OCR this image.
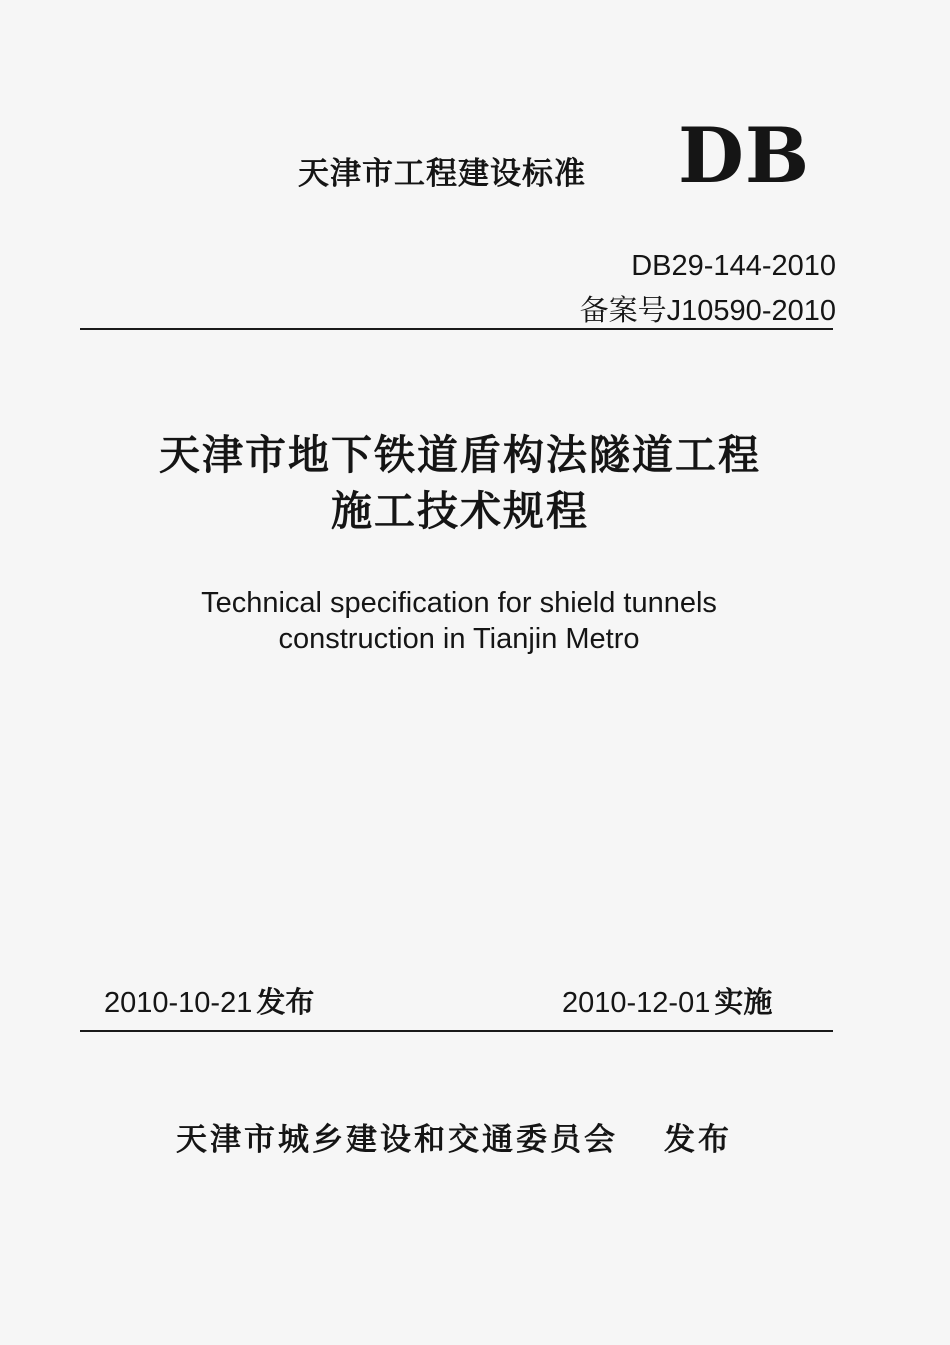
天津市工程建设标准 DB
DB29-144-2010
备案号J10590-2010
天津市地下铁道盾构法隧道工程
施工技术规程
Technical specification for shield tunnels
construction in Tianjin Metro
2010-10-21 发布	2010-12-01 实施
天津市城乡建设和交通委员会 发布
